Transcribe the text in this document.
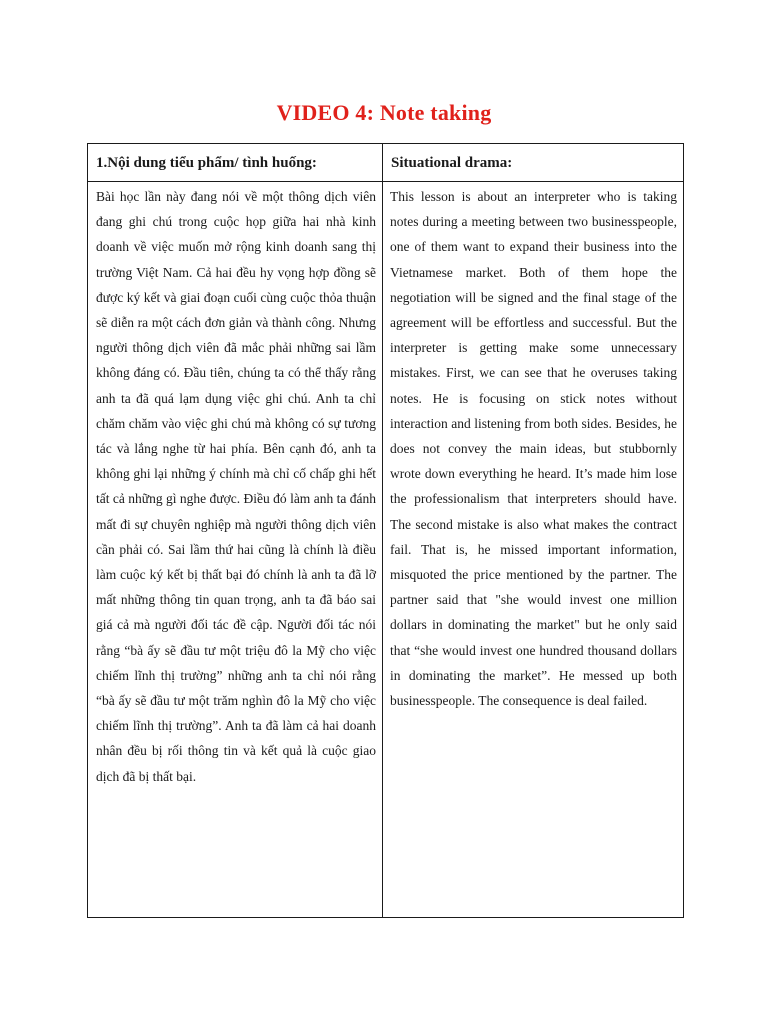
VIDEO 4: Note taking
1.Nội dung tiểu phẩm/ tình huống:
Bài học lần này đang nói về một thông dịch viên đang ghi chú trong cuộc họp giữa hai nhà kinh doanh về việc muốn mở rộng kinh doanh sang thị trường Việt Nam. Cả hai đều hy vọng hợp đồng sẽ được ký kết và giai đoạn cuối cùng cuộc thỏa thuận sẽ diễn ra một cách đơn giản và thành công. Nhưng người thông dịch viên đã mắc phải những sai lầm không đáng có. Đầu tiên, chúng ta có thể thấy rằng anh ta đã quá lạm dụng việc ghi chú. Anh ta chỉ chăm chăm vào việc ghi chú mà không có sự tương tác và lắng nghe từ hai phía. Bên cạnh đó, anh ta không ghi lại những ý chính mà chỉ cố chấp ghi hết tất cả những gì nghe được. Điều đó làm anh ta đánh mất đi sự chuyên nghiệp mà người thông dịch viên cần phải có. Sai lầm thứ hai cũng là chính là điều làm cuộc ký kết bị thất bại đó chính là anh ta đã lỡ mất những thông tin quan trọng, anh ta đã báo sai giá cả mà người đối tác đề cập. Người đối tác nói rằng “bà ấy sẽ đầu tư một triệu đô la Mỹ cho việc chiếm lĩnh thị trường” những anh ta chỉ nói rằng “bà ấy sẽ đầu tư một trăm nghìn đô la Mỹ cho việc chiếm lĩnh thị trường”. Anh ta đã làm cả hai doanh nhân đều bị rối thông tin và kết quả là cuộc giao dịch đã bị thất bại.
Situational drama:
This lesson is about an interpreter who is taking notes during a meeting between two businesspeople, one of them want to expand their business into the Vietnamese market. Both of them hope the negotiation will be signed and the final stage of the agreement will be effortless and successful. But the interpreter is getting make some unnecessary mistakes. First, we can see that he overuses taking notes. He is focusing on stick notes without interaction and listening from both sides. Besides, he does not convey the main ideas, but stubbornly wrote down everything he heard. It’s made him lose the professionalism that interpreters should have. The second mistake is also what makes the contract fail. That is, he missed important information, misquoted the price mentioned by the partner. The partner said that "she would invest one million dollars in dominating the market" but he only said that “she would invest one hundred thousand dollars in dominating the market”. He messed up both businesspeople. The consequence is deal failed.
